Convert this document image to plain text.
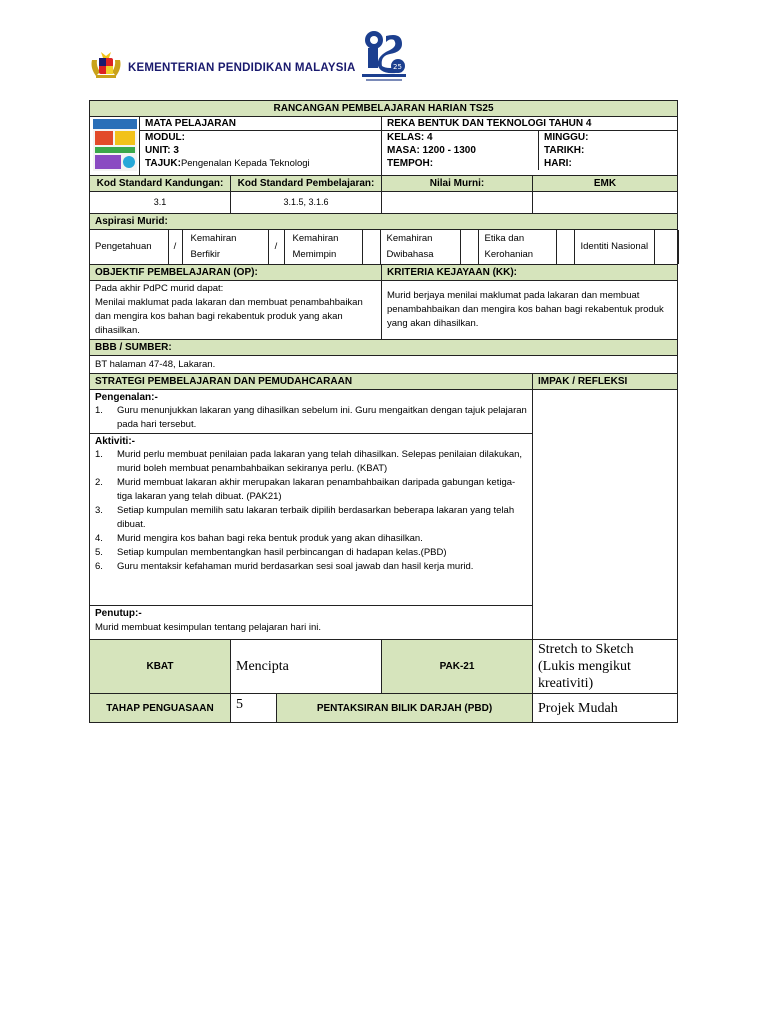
KEMENTERIAN PENDIDIKAN MALAYSIA	25
RANCANGAN PEMBELAJARAN HARIAN TS25

MATA PELAJARAN
MODUL:
UNIT: 3
TAJUK:Pengenalan Kepada Teknologi

REKA BENTUK DAN TEKNOLOGI TAHUN 4
KELAS: 4
MASA: 1200 - 1300
TEMPOH:
MINGGU:
TARIKH:
HARI:

Kod Standard Kandungan:	Kod Standard Pembelajaran:	Nilai Murni:	EMK
3.1	3.1.5, 3.1.6		
Aspirasi Murid:

Pengetahuan	/	Kemahiran Berfikir	/	Kemahiran Memimpin		Kemahiran Dwibahasa		Etika dan Kerohanian		Identiti Nasional	

OBJEKTIF PEMBELAJARAN (OP):	KRITERIA KEJAYAAN (KK):

Pada akhir PdPC murid dapat:
Menilai maklumat pada lakaran dan membuat penambahbaikan dan mengira kos bahan bagi rekabentuk produk yang akan dihasilkan.
	Murid berjaya menilai maklumat pada lakaran dan membuat penambahbaikan dan mengira kos bahan bagi rekabentuk produk yang akan dihasilkan.
BBB / SUMBER:
BT halaman 47-48, Lakaran.
STRATEGI PEMBELAJARAN DAN PEMUDAHCARAAN	IMPAK / REFLEKSI

Pengenalan:-
1.	Guru menunjukkan lakaran yang dihasilkan sebelum ini. Guru mengaitkan dengan tajuk pelajaran pada hari tersebut.

Aktiviti:-
1.	Murid perlu membuat penilaian pada lakaran yang telah dihasilkan. Selepas penilaian dilakukan, murid boleh membuat penambahbaikan sekiranya perlu. (KBAT)
2.	Murid membuat lakaran akhir merupakan lakaran penambahbaikan daripada gabungan ketiga-tiga lakaran yang telah dibuat. (PAK21)
3.	Setiap kumpulan memilih satu lakaran terbaik dipilih berdasarkan beberapa lakaran yang telah dibuat.
4.	Murid mengira kos bahan bagi reka bentuk produk yang akan dihasilkan.
5.	Setiap kumpulan membentangkan hasil perbincangan di hadapan kelas.(PBD)
6.	Guru mentaksir kefahaman murid berdasarkan sesi soal jawab dan hasil kerja murid.

Penutup:-
Murid membuat kesimpulan tentang pelajaran hari ini.

KBAT	Mencipta	PAK-21	Stretch to Sketch (Lukis mengikut kreativiti)
TAHAP PENGUASAAN	5	PENTAKSIRAN BILIK DARJAH (PBD)	Projek Mudah
